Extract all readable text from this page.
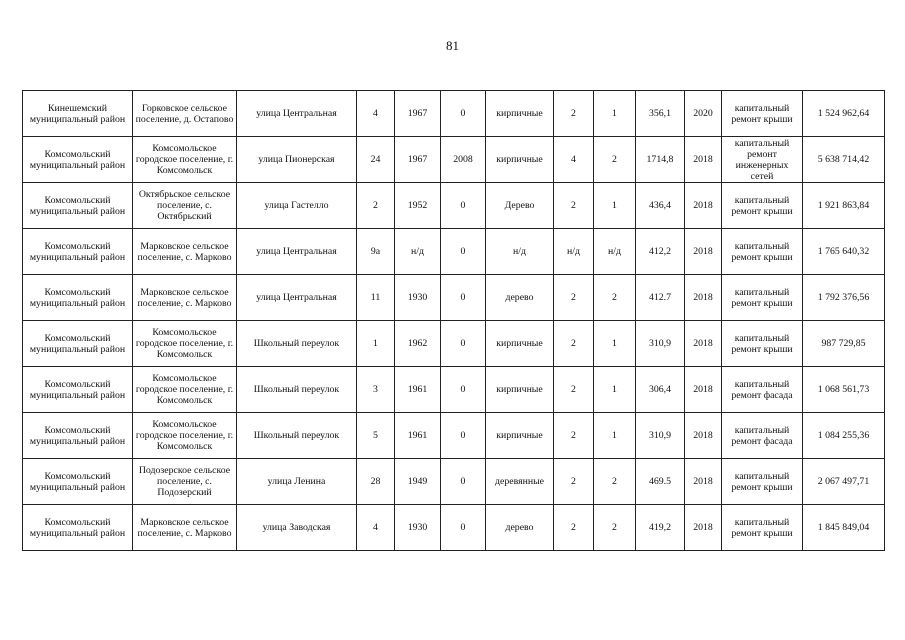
81
Кинешемский муниципальный район	Горковское сельское поселение, д. Остапово	улица Центральная	4	1967	0	кирпичные	2	1	356,1	2020	капитальный ремонт крыши	1 524 962,64
Комсомольский муниципальный район	Комсомольское городское поселение, г. Комсомольск	улица Пионерская	24	1967	2008	кирпичные	4	2	1714,8	2018	капитальный ремонт инженерных сетей	5 638 714,42
Комсомольский муниципальный район	Октябрьское сельское поселение, с. Октябрьский	улица Гастелло	2	1952	0	Дерево	2	1	436,4	2018	капитальный ремонт крыши	1 921 863,84
Комсомольский муниципальный район	Марковское сельское поселение, с. Марково	улица Центральная	9а	н/д	0	н/д	н/д	н/д	412,2	2018	капитальный ремонт крыши	1 765 640,32
Комсомольский муниципальный район	Марковское сельское поселение, с. Марково	улица Центральная	11	1930	0	дерево	2	2	412.7	2018	капитальный ремонт крыши	1 792 376,56
Комсомольский муниципальный район	Комсомольское городское поселение, г. Комсомольск	Школьный переулок	1	1962	0	кирпичные	2	1	310,9	2018	капитальный ремонт крыши	987 729,85
Комсомольский муниципальный район	Комсомольское городское поселение, г. Комсомольск	Школьный переулок	3	1961	0	кирпичные	2	1	306,4	2018	капитальный ремонт фасада	1 068 561,73
Комсомольский муниципальный район	Комсомольское городское поселение, г. Комсомольск	Школьный переулок	5	1961	0	кирпичные	2	1	310,9	2018	капитальный ремонт фасада	1 084 255,36
Комсомольский муниципальный район	Подозерское сельское поселение, с. Подозерский	улица Ленина	28	1949	0	деревянные	2	2	469.5	2018	капитальный ремонт крыши	2 067 497,71
Комсомольский муниципальный район	Марковское сельское поселение, с. Марково	улица Заводская	4	1930	0	дерево	2	2	419,2	2018	капитальный ремонт крыши	1 845 849,04
